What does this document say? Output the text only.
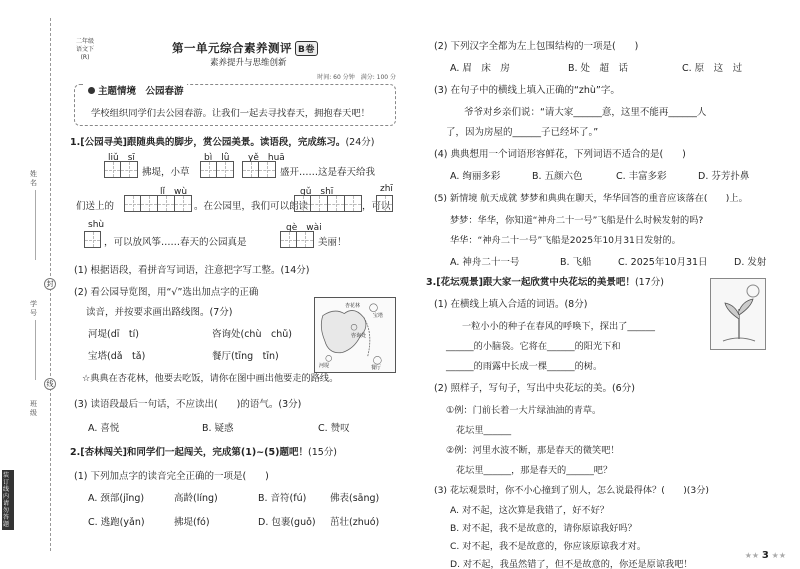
姓名
学号
班级
封
线
装订线内请勿答题
二年级
语文下
(R)
第一单元综合素养测评 B卷
素养提升与思维创新
时间: 60 分钟　满分: 100 分
主题情境　 公园春游
学校组织同学们去公园春游。让我们一起去寻找春天，拥抱春天吧！
1.[公园寻美]跟随典典的脚步，赏公园美景。读语段，完成练习。(24分)
liǔ　sī	bì　lǜ yě　huā
拂堤，小草	盛开……这是春天给我
lǐ　wù	gǔ　shī	zhī
们送上的	。在公园里，我们可以朗读	，可以
shù	gè　wài
，可以放风筝……春天的公园真是	美丽！
(1) 根据语段，看拼音写词语，注意把字写工整。(14分)
(2) 看公园导览图，用“√”选出加点字的正确
读音，并按要求画出路线图。(7分)
河堤(dī　tí)	咨询处(chù　chǔ)
宝塔(dǎ　tǎ)	餐厅(tīng　tīn)
☆典典在杏花林，他要去吃饭，请你在图中画出他要走的路线。
(3) 读语段最后一句话，不应读出(　　)的语气。(3分)
A. 喜悦	B. 疑惑	C. 赞叹
2.[杏林闯关]和同学们一起闯关，完成第(1)~(5)题吧！(15分)
(1) 下列加点字的读音完全正确的一项是(　　)
A. 颈部(jǐng)	高龄(líng)	B. 音符(fú) 佛表(sāng)
C. 逃跑(yǎn)	拂堤(fó)	D. 包裹(guǒ) 茁壮(zhuó)
杏花林
宝塔
咨询处
餐厅
河堤
(2) 下列汉字全都为左上包围结构的一项是(　　)
A. 眉　床　房	B. 处　超　话	C. 原　这　过
(3) 在句子中的横线上填入正确的“zhù”字。
爷爷对乡亲们说：“请大家______意，这里不能再______人
了，因为房屋的______子已经坏了。”
(4) 典典想用一个词语形容鲜花，下列词语不适合的是(　　)
A. 绚丽多彩	B. 五颜六色	C. 丰富多彩	D. 芬芳扑鼻
(5) 新情境 航天成就 梦梦和典典在聊天，华华回答的重音应该落在(　　)上。
梦梦：华华，你知道“神舟二十一号”飞船是什么时候发射的吗?
华华：“神舟二十一号”飞船是2025年10月31日发射的。
A. 神舟二十一号	B. 飞船	C. 2025年10月31日	D. 发射
3.[花坛观景]跟大家一起欣赏中央花坛的美景吧！(17分)
(1) 在横线上填入合适的词语。(8分)
一粒小小的种子在春风的呼唤下，探出了______
______的小脑袋。它将在______的阳光下和
______的雨露中长成一棵______的树。
(2) 照样子，写句子，写出中央花坛的美。(6分)
①例：门前长着一大片绿油油的青草。
花坛里______
②例：河里水波不断，那是春天的微笑吧！
花坛里______，那是春天的______吧？
(3) 花坛观景时，你不小心撞到了别人，怎么说最得体？(　　)(3分)
A. 对不起，这次算是我错了，好不好？
B. 对不起，我不是故意的，请你原谅我好吗？
C. 对不起，我不是故意的，你应该原谅我才对。
D. 对不起，我虽然错了，但不是故意的，你还是原谅我吧！
★★ 3 ★★
